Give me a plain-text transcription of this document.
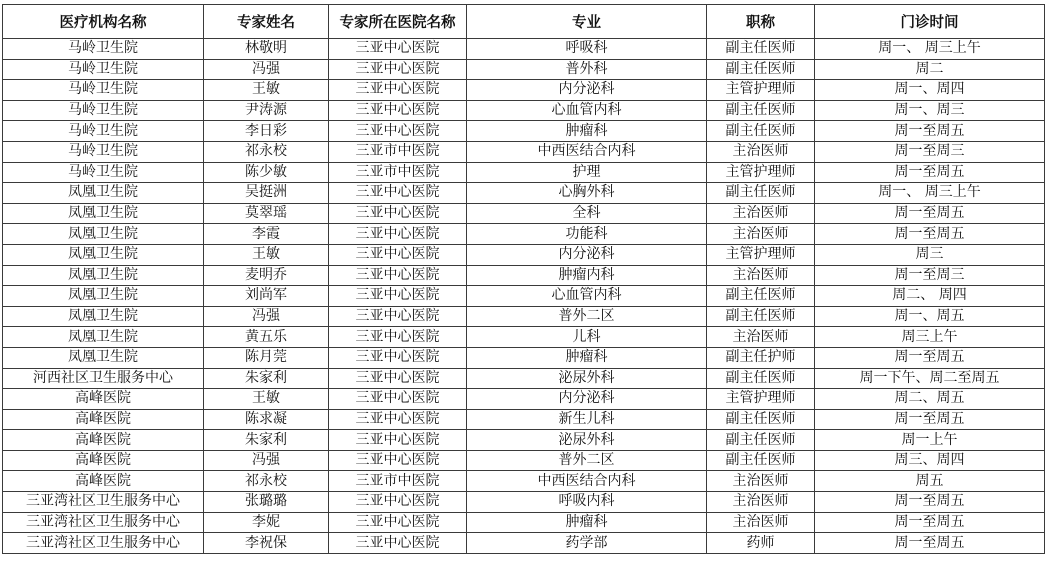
医疗机构名称	专家姓名	专家所在医院名称	专业	职称	门诊时间
马岭卫生院	林敬明	三亚中心医院	呼吸科	副主任医师	周一、 周三上午
马岭卫生院	冯强	三亚中心医院	普外科	副主任医师	周二
马岭卫生院	王敏	三亚中心医院	内分泌科	主管护理师	周一、周四
马岭卫生院	尹涛源	三亚中心医院	心血管内科	副主任医师	周一、周三
马岭卫生院	李日彩	三亚中心医院	肿瘤科	副主任医师	周一至周五
马岭卫生院	祁永校	三亚市中医院	中西医结合内科	主治医师	周一至周三
马岭卫生院	陈少敏	三亚市中医院	护理	主管护理师	周一至周五
凤凰卫生院	吴挺洲	三亚中心医院	心胸外科	副主任医师	周一、 周三上午
凤凰卫生院	莫翠瑶	三亚中心医院	全科	主治医师	周一至周五
凤凰卫生院	李霞	三亚中心医院	功能科	主治医师	周一至周五
凤凰卫生院	王敏	三亚中心医院	内分泌科	主管护理师	周三
凤凰卫生院	麦明乔	三亚中心医院	肿瘤内科	主治医师	周一至周三
凤凰卫生院	刘尚军	三亚中心医院	心血管内科	副主任医师	周二、 周四
凤凰卫生院	冯强	三亚中心医院	普外二区	副主任医师	周一、周五
凤凰卫生院	黄五乐	三亚中心医院	儿科	主治医师	周三上午
凤凰卫生院	陈月莞	三亚中心医院	肿瘤科	副主任护师	周一至周五
河西社区卫生服务中心	朱家利	三亚中心医院	泌尿外科	副主任医师	周一下午、周二至周五
高峰医院	王敏	三亚中心医院	内分泌科	主管护理师	周二、周五
高峰医院	陈求凝	三亚中心医院	新生儿科	副主任医师	周一至周五
高峰医院	朱家利	三亚中心医院	泌尿外科	副主任医师	周一上午
高峰医院	冯强	三亚中心医院	普外二区	副主任医师	周三、周四
高峰医院	祁永校	三亚市中医院	中西医结合内科	主治医师	周五
三亚湾社区卫生服务中心	张璐璐	三亚中心医院	呼吸内科	主治医师	周一至周五
三亚湾社区卫生服务中心	李妮	三亚中心医院	肿瘤科	主治医师	周一至周五
三亚湾社区卫生服务中心	李祝保	三亚中心医院	药学部	药师	周一至周五
